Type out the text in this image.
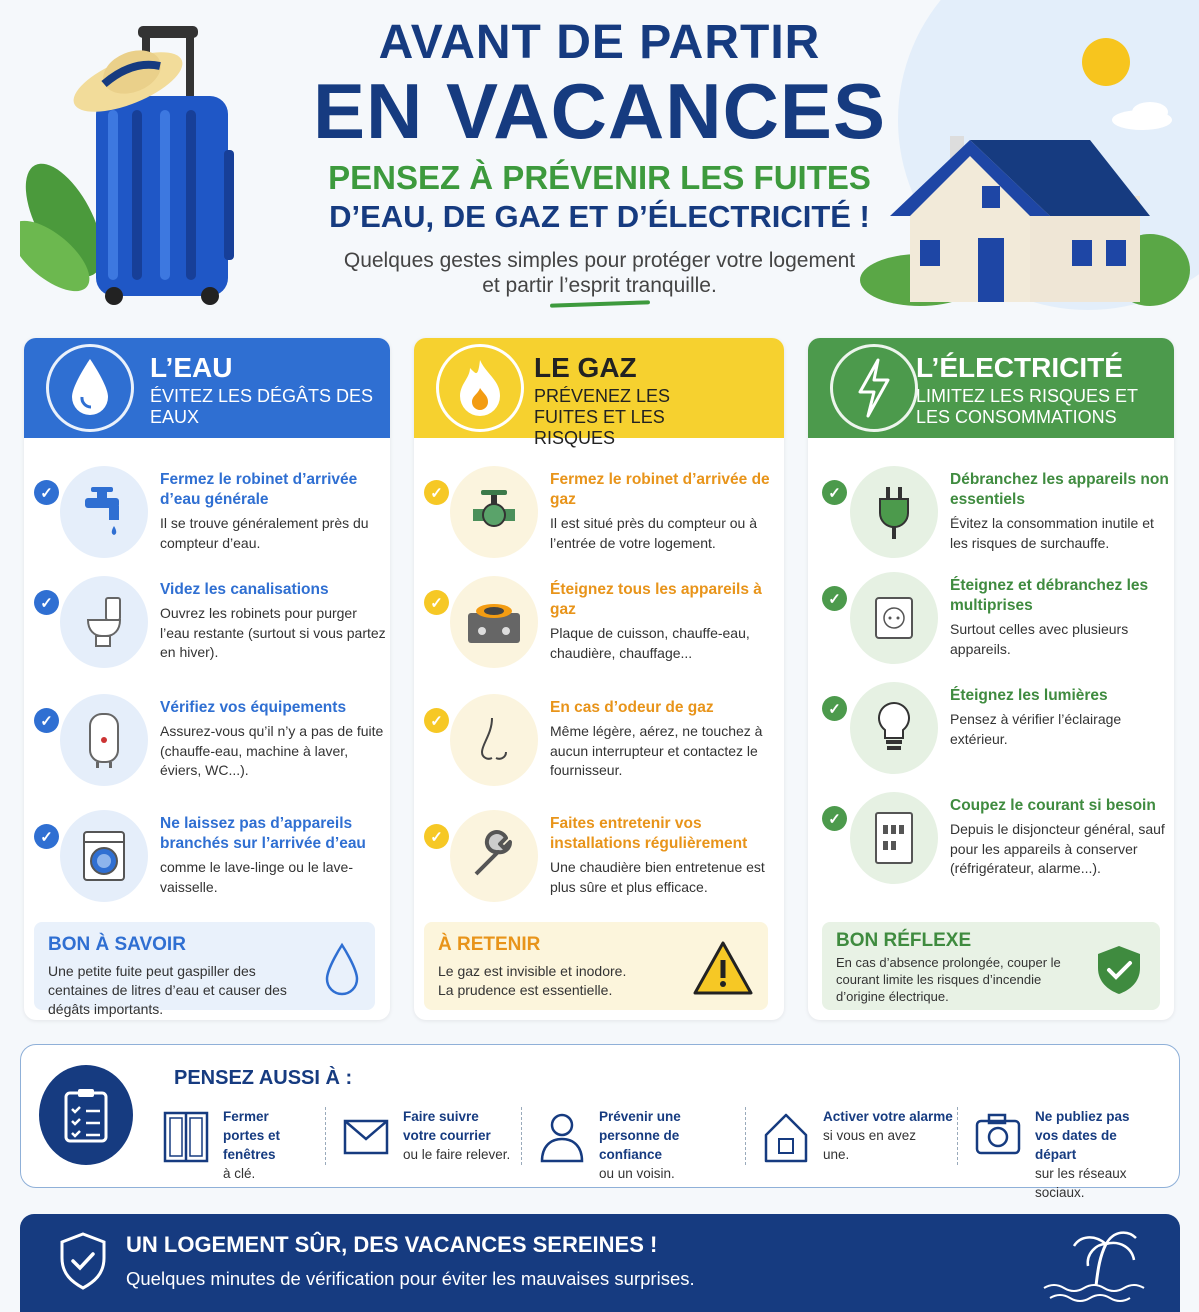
AVANT DE PARTIR
EN VACANCES
PENSEZ À PRÉVENIR LES FUITES
D’EAU, DE GAZ ET D’ÉLECTRICITÉ !
Quelques gestes simples pour protéger votre logement
et partir l’esprit tranquille.
L’EAU
ÉVITEZ LES DÉGÂTS DES EAUX
✓
Fermez le robinet d’arrivée d’eau générale
Il se trouve généralement près du compteur d’eau.
✓
Videz les canalisations
Ouvrez les robinets pour purger l’eau restante (surtout si vous partez en hiver).
✓
Vérifiez vos équipements
Assurez-vous qu’il n’y a pas de fuite (chauffe-eau, machine à laver, éviers, WC...).
✓
Ne laissez pas d’appareils branchés sur l’arrivée d’eau
comme le lave-linge ou le lave-vaisselle.
BON À SAVOIR
Une petite fuite peut gaspiller des centaines de litres d’eau et causer des dégâts importants.
LE GAZ
PRÉVENEZ LES FUITES ET LES RISQUES
✓
Fermez le robinet d’arrivée de gaz
Il est situé près du compteur ou à l’entrée de votre logement.
✓
Éteignez tous les appareils à gaz
Plaque de cuisson, chauffe-eau, chaudière, chauffage...
✓
En cas d’odeur de gaz
Même légère, aérez, ne touchez à aucun interrupteur et contactez le fournisseur.
✓
Faites entretenir vos installations régulièrement
Une chaudière bien entretenue est plus sûre et plus efficace.
À RETENIR
Le gaz est invisible et inodore. La prudence est essentielle.
L’ÉLECTRICITÉ
LIMITEZ LES RISQUES ET LES CONSOMMATIONS
✓
Débranchez les appareils non essentiels
Évitez la consommation inutile et les risques de surchauffe.
✓
Éteignez et débranchez les multiprises
Surtout celles avec plusieurs appareils.
✓
Éteignez les lumières
Pensez à vérifier l’éclairage extérieur.
✓
Coupez le courant si besoin
Depuis le disjoncteur général, sauf pour les appareils à conserver (réfrigérateur, alarme...).
BON RÉFLEXE
En cas d’absence prolongée, couper le courant limite les risques d’incendie d’origine électrique.
PENSEZ AUSSI À :
Fermer portes et fenêtres
à clé.
Faire suivre votre courrier
ou le faire relever.
Prévenir une personne de confiance
ou un voisin.
Activer votre alarme
si vous en avez une.
Ne publiez pas vos dates de départ
sur les réseaux sociaux.
UN LOGEMENT SÛR, DES VACANCES SEREINES !
Quelques minutes de vérification pour éviter les mauvaises surprises.
